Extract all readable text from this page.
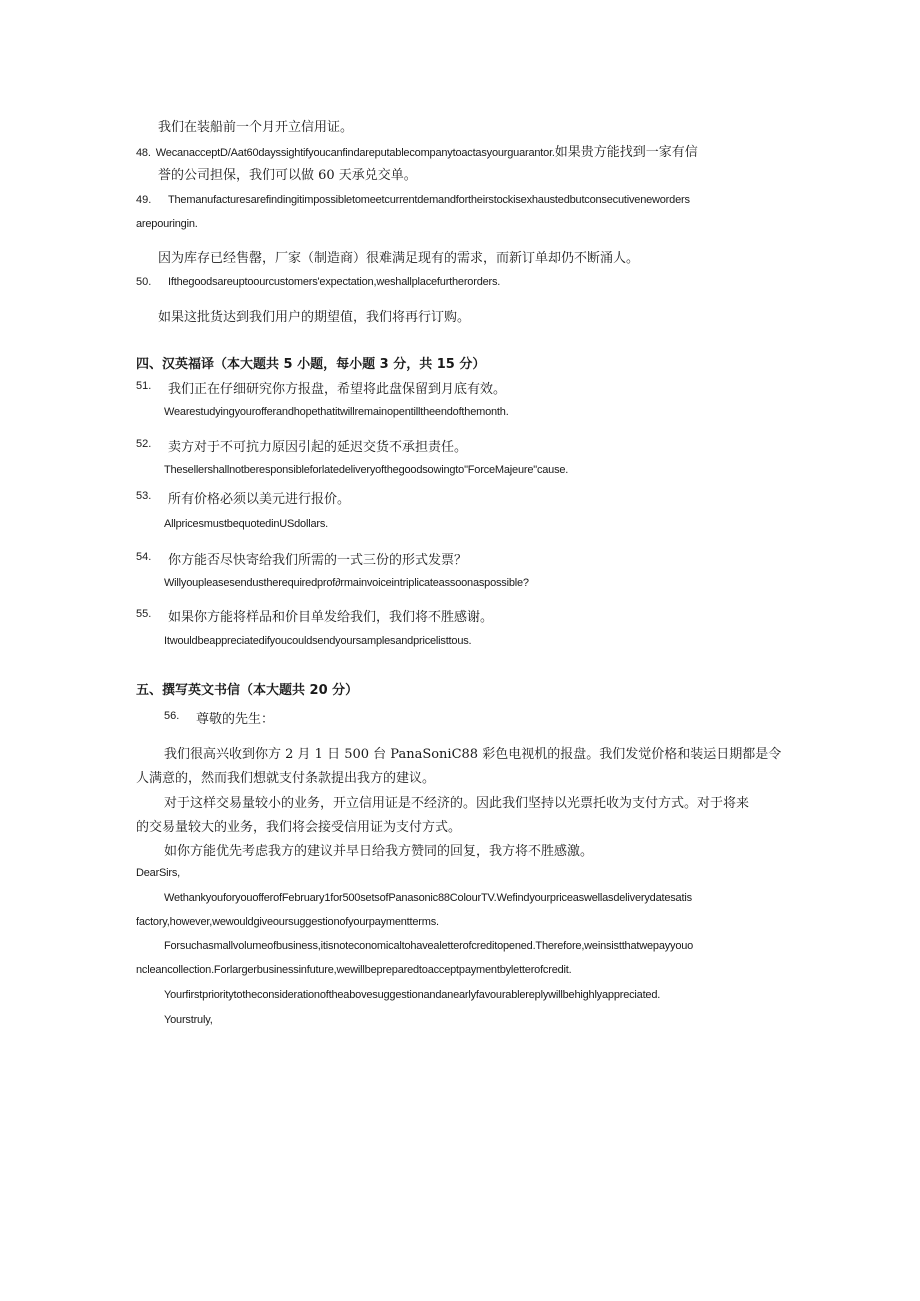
我们在装船前一个月开立信用证。
48. WecanacceptD/Aat60dayssightifyoucanfindareputablecompanytoactasyourguarantor.如果贵方能找到一家有信
誉的公司担保，我们可以做 60 天承兑交单。
49. Themanufacturesarefindingitimpossibletomeetcurrentdemandfortheirstockisexhaustedbutconsecutiveneworders
arepouringin.
因为库存已经售罄，厂家（制造商）很难满足现有的需求，而新订单却仍不断涌人。
50. Ifthegoodsareuptoourcustomers'expectation,weshallplacefurtherorders.
如果这批货达到我们用户的期望值，我们将再行订购。
四、汉英福译（本大题共 5 小题，每小题 3 分，共 15 分）
51. 我们正在仔细研究你方报盘，希望将此盘保留到月底有效。
Wearestudyingyourofferandhopethatitwillremainopentilltheendofthemonth.
52. 卖方对于不可抗力原因引起的延迟交货不承担责任。
Thesellershallnotberesponsibleforlatedeliveryofthegoodsowingto"ForceMajeure"cause.
53. 所有价格必须以美元进行报价。
AllpricesmustbequotedinUSdollars.
54. 你方能否尽快寄给我们所需的一式三份的形式发票？
Willyoupleasesendustherequiredprof∂rmainvoiceintriplicateassoonaspossible?
55. 如果你方能将样品和价目单发给我们，我们将不胜感谢。
Itwouldbeappreciatedifyoucouldsendyoursamplesandpricelisttous.
五、撰写英文书信（本大题共 20 分）
56. 尊敬的先生：
我们很高兴收到你方 2 月 1 日 500 台 PanaSoniC88 彩色电视机的报盘。我们发觉价格和装运日期都是令
人满意的，然而我们想就支付条款提出我方的建议。
对于这样交易量较小的业务，开立信用证是不经济的。因此我们坚持以光票托收为支付方式。对于将来
的交易量较大的业务，我们将会接受信用证为支付方式。
如你方能优先考虑我方的建议并早日给我方赞同的回复，我方将不胜感激。
DearSirs,
WethankyouforyouofferofFebruary1for500setsofPanasonic88ColourTV.Wefindyourpriceaswellasdeliverydatesatis
factory,however,wewouldgiveoursuggestionofyourpaymentterms.
Forsuchasmallvolumeofbusiness,itisnoteconomicaltohavealetterofcreditopened.Therefore,weinsistthatwepayyouo
ncleancollection.Forlargerbusinessinfuture,wewillbepreparedtoacceptpaymentbyletterofcredit.
Yourfirstprioritytotheconsiderationoftheabovesuggestionandanearlyfavourablereplywillbehighlyappreciated.
Yourstruly,
